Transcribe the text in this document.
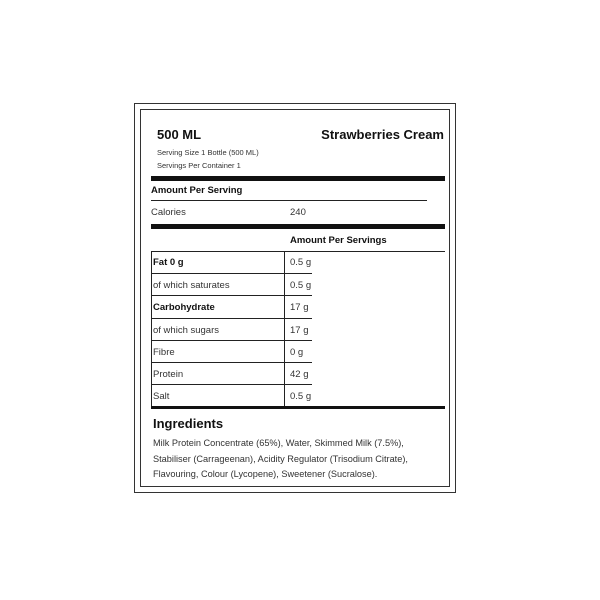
500 ML	Strawberries Cream
Serving Size 1 Bottle (500 ML)
Servings Per Container 1
Amount Per Serving
Calories	240
Amount Per Servings
Fat 0 g	0.5 g
of which saturates	0.5 g
Carbohydrate	17 g
of which sugars	17 g
Fibre	0 g
Protein	42 g
Salt	0.5 g
Ingredients
Milk Protein Concentrate (65%), Water, Skimmed Milk (7.5%),
Stabiliser (Carrageenan), Acidity Regulator (Trisodium Citrate),
Flavouring, Colour (Lycopene), Sweetener (Sucralose).
